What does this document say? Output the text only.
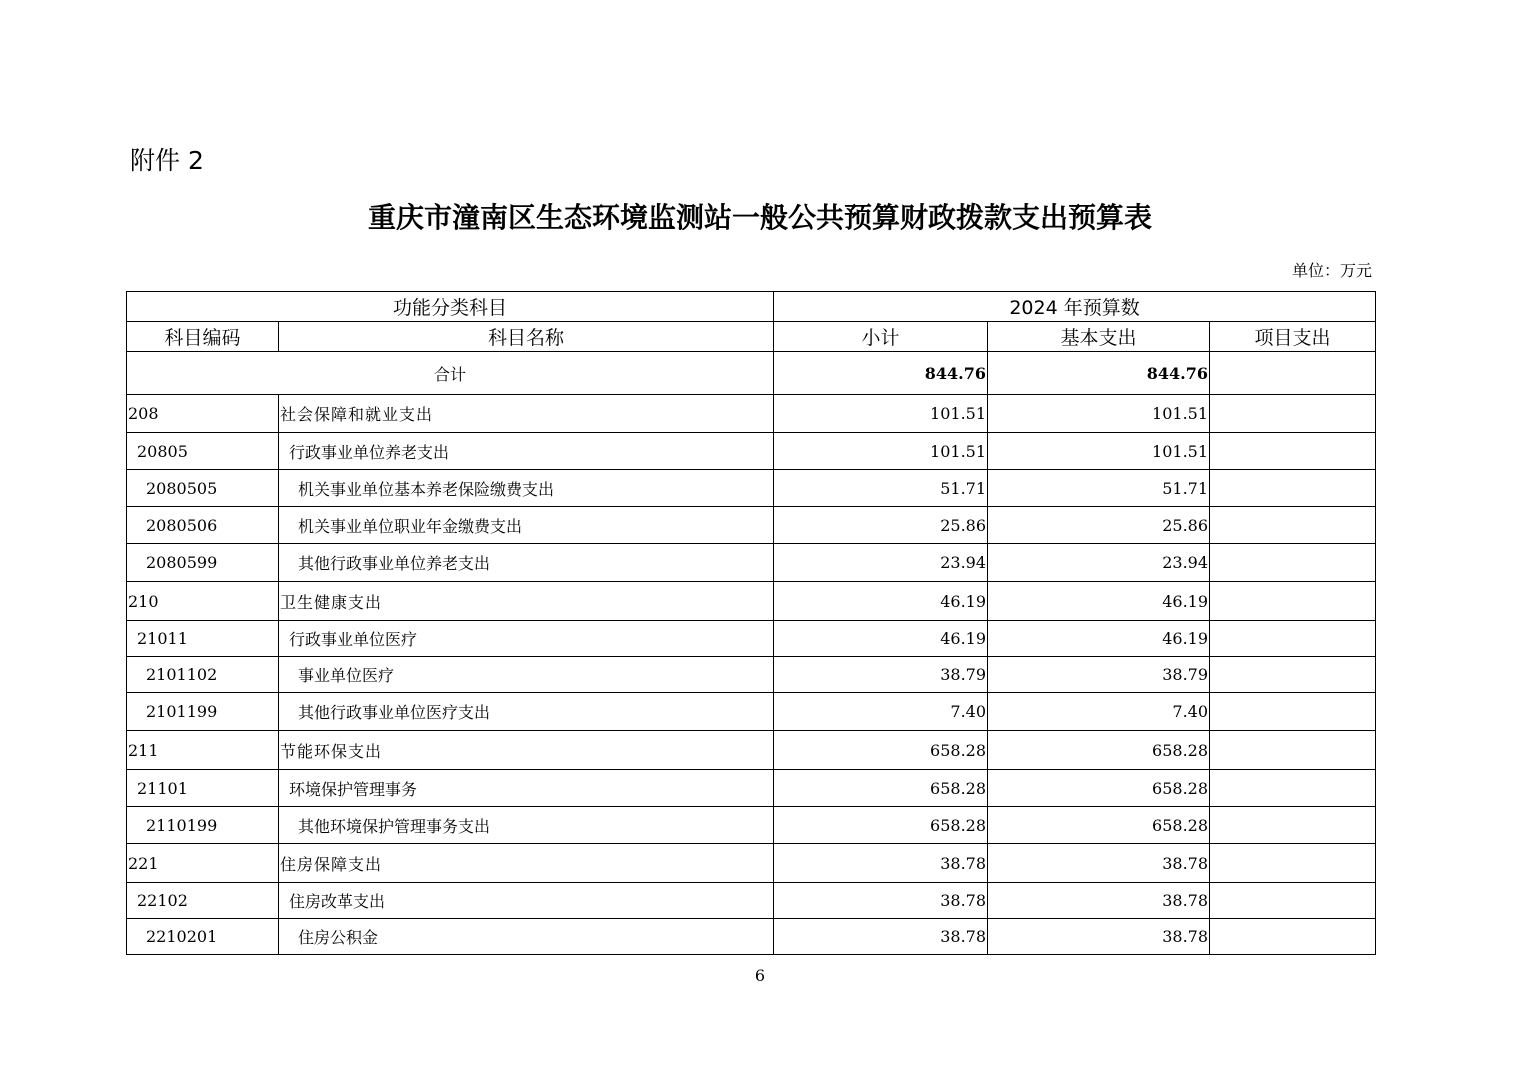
附件 2
重庆市潼南区生态环境监测站一般公共预算财政拨款支出预算表
单位：万元
功能分类科目		2024 年预算数		
科目编码	科目名称	小计	基本支出	项目支出
合计		844.76	844.76	
208	社会保障和就业支出	101.51	101.51	
20805	行政事业单位养老支出	101.51	101.51	
2080505	机关事业单位基本养老保险缴费支出	51.71	51.71	
2080506	机关事业单位职业年金缴费支出	25.86	25.86	
2080599	其他行政事业单位养老支出	23.94	23.94	
210	卫生健康支出	46.19	46.19	
21011	行政事业单位医疗	46.19	46.19	
2101102	事业单位医疗	38.79	38.79	
2101199	其他行政事业单位医疗支出	7.40	7.40	
211	节能环保支出	658.28	658.28	
21101	环境保护管理事务	658.28	658.28	
2110199	其他环境保护管理事务支出	658.28	658.28	
221	住房保障支出	38.78	38.78	
22102	住房改革支出	38.78	38.78	
2210201	住房公积金	38.78	38.78	
6
